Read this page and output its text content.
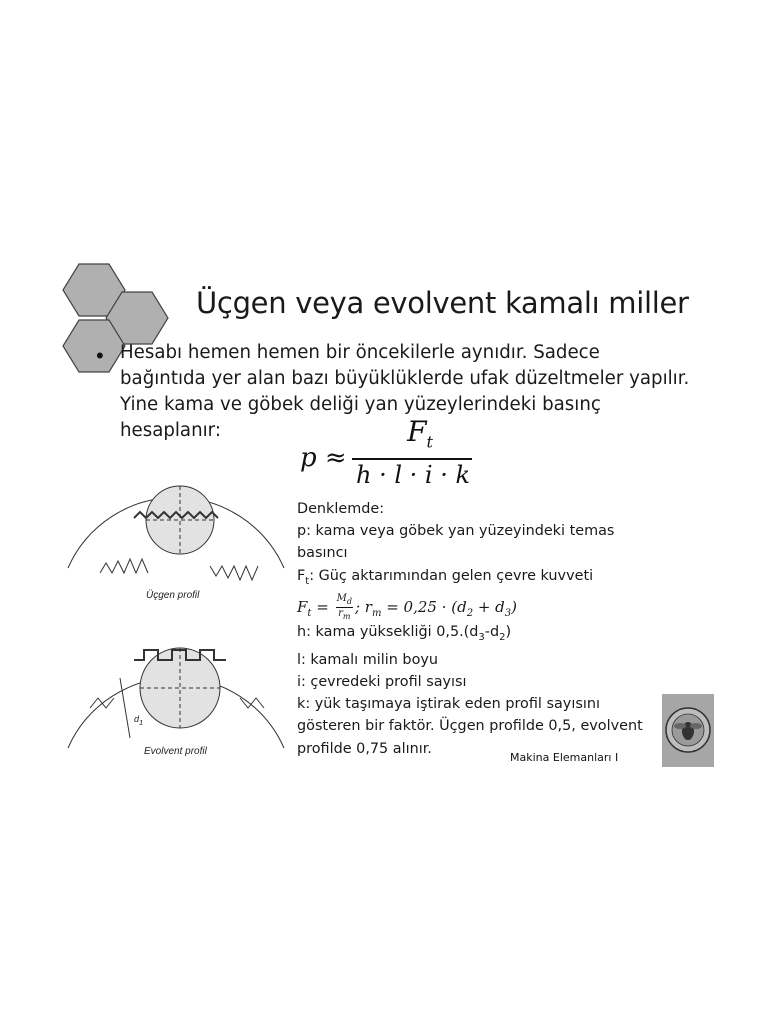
Üçgen veya evolvent kamalı miller
• Hesabı hemen hemen bir öncekilerle aynıdır. Sadece bağıntıda yer alan bazı büyüklüklerde ufak düzeltmeler yapılır. Yine kama ve göbek deliği yan yüzeylerindeki basınç hesaplanır:
p ≈
$F_t$
h · l · i · k
Üçgen profil
Evolvent profil
$d_1$
Denklemde:
p: kama veya göbek yan yüzeyindeki temas
basıncı
$F_t$: Güç aktarımından gelen çevre kuvveti
$F_t = \frac{M_d}{r_m}$ ; $r_m = 0,25 \cdot (d_2 + d_3)$
h: kama yüksekliği $0,5.(d_3-d_2)$
l: kamalı milin boyu
i: çevredeki profil sayısı
k: yük taşımaya iştirak eden profil sayısını
gösteren bir faktör. Üçgen profilde 0,5, evolvent
profilde 0,75 alınır.
Makina Elemanları I
